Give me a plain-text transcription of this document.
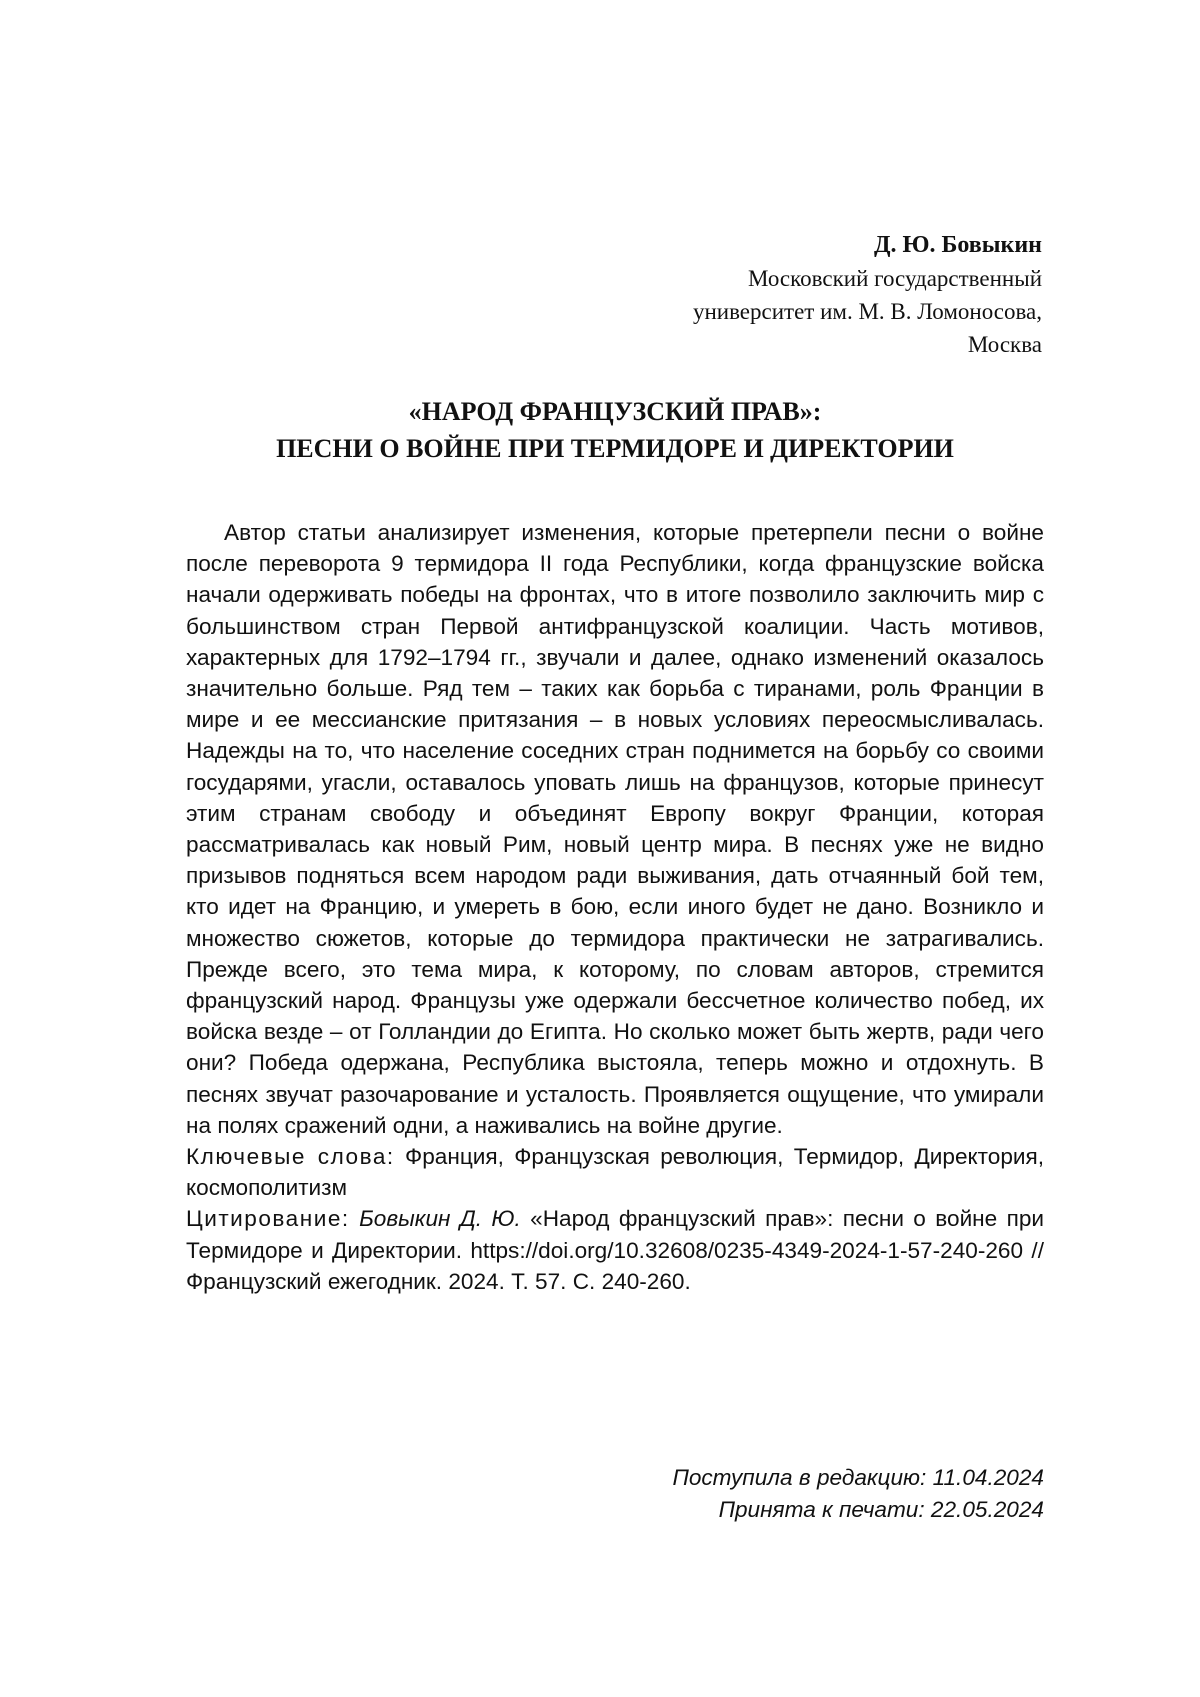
Д. Ю. Бовыкин

Московский государственный

университет им. М. В. Ломоносова,

Москва

«НАРОД ФРАНЦУЗСКИЙ ПРАВ»:
ПЕСНИ О ВОЙНЕ ПРИ ТЕРМИДОРЕ И ДИРЕКТОРИИ

Автор статьи анализирует изменения, которые претерпели песни о войне после переворота 9 термидора II года Республики, когда французские войска начали одерживать победы на фронтах, что в итоге позволило заключить мир с большинством стран Первой антифранцузской коалиции. Часть мотивов, характерных для 1792–1794 гг., звучали и далее, однако изменений оказалось значительно больше. Ряд тем – таких как борьба с тиранами, роль Франции в мире и ее мессианские притязания – в новых условиях переосмысливалась. Надежды на то, что население соседних стран поднимется на борьбу со своими государями, угасли, оставалось уповать лишь на французов, которые принесут этим странам свободу и объединят Европу вокруг Франции, которая рассматривалась как новый Рим, новый центр мира. В песнях уже не видно призывов подняться всем народом ради выживания, дать отчаянный бой тем, кто идет на Францию, и умереть в бою, если иного будет не дано. Возникло и множество сюжетов, которые до термидора практически не затрагивались. Прежде всего, это тема мира, к которому, по словам авторов, стремится французский народ. Французы уже одержали бессчетное количество побед, их войска везде – от Голландии до Египта. Но сколько может быть жертв, ради чего они? Победа одержана, Республика выстояла, теперь можно и отдохнуть. В песнях звучат разочарование и усталость. Проявляется ощущение, что умирали на полях сражений одни, а наживались на войне другие.

Ключевые слова: Франция, Французская революция, Термидор, Директория, космополитизм

Цитирование: Бовыкин Д. Ю. «Народ французский прав»: песни о войне при Термидоре и Директории. https://doi.org/10.32608/0235-4349-2024-1-57-240-260 // Французский ежегодник. 2024. Т. 57. С. 240-260.

Поступила в редакцию: 11.04.2024
Принята к печати: 22.05.2024
